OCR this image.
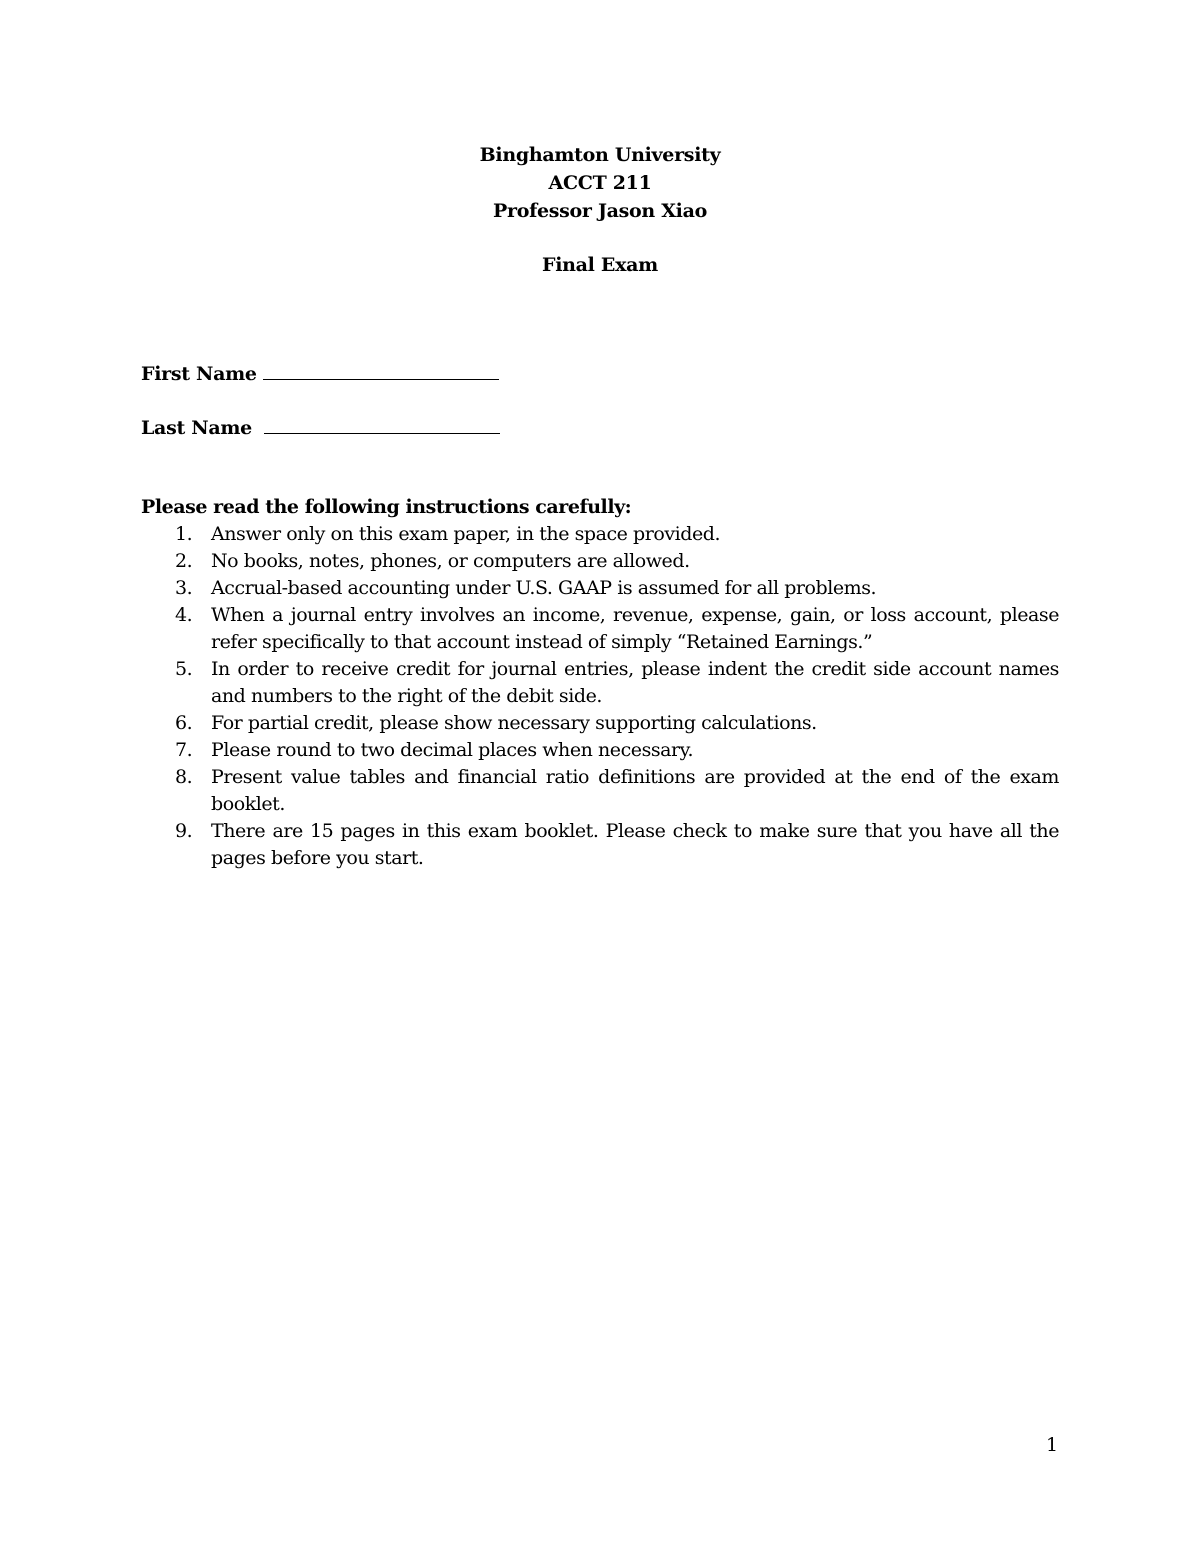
Binghamton University
ACCT 211
Professor Jason Xiao
Final Exam
First Name
Last Name

Please read the following instructions carefully:

1. Answer only on this exam paper, in the space provided.
2. No books, notes, phones, or computers are allowed.
3. Accrual-based accounting under U.S. GAAP is assumed for all problems.
4. When a journal entry involves an income, revenue, expense, gain, or loss account, please refer specifically to that account instead of simply “Retained Earnings.”
5. In order to receive credit for journal entries, please indent the credit side account names and numbers to the right of the debit side.
6. For partial credit, please show necessary supporting calculations.
7. Please round to two decimal places when necessary.
8. Present value tables and financial ratio definitions are provided at the end of the exam booklet.
9. There are 15 pages in this exam booklet. Please check to make sure that you have all the pages before you start.
1
